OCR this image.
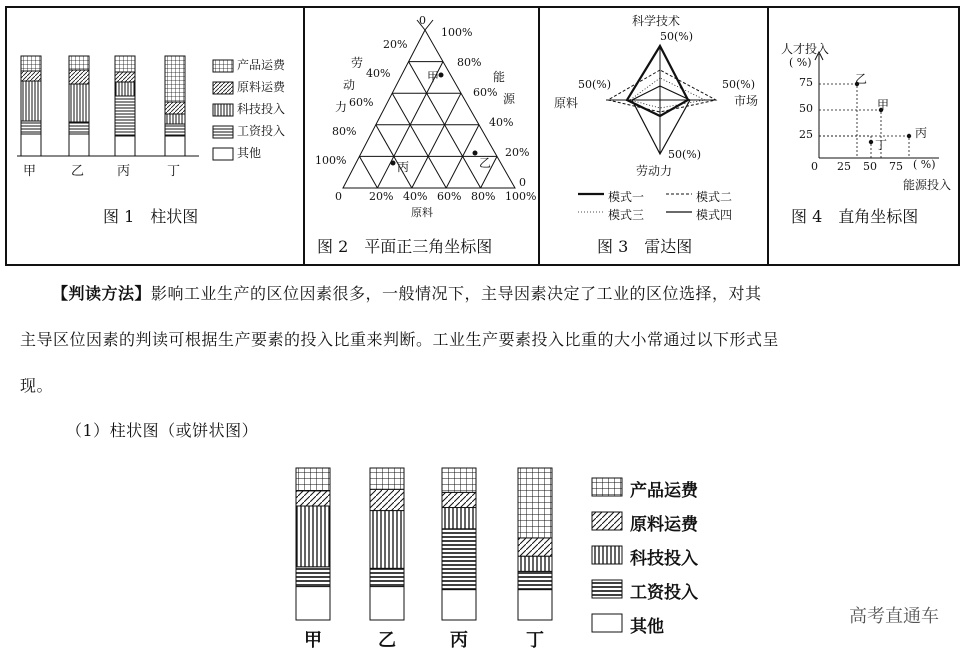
图 1　柱状图
图 2　平面正三角坐标图	图 3　雷达图
图 4　直角坐标图
甲	乙	丙	丁
产品运费
原料运费
科技投入
工资投入
其他
0
100%
80%
60%
40%
20%
100%
80%
60%
40%
20%
0
0 20% 40% 60% 80% 100%
劳
动
力
能
源
原料
甲
乙
丙
科学技术
50(%)
50(%)
原料
50(%)
市场
50(%)
劳动力
模式一	模式二
模式三	模式四
人才投入
( %)
75
50
25
0 25 50 75 ( %)
能源投入
乙
甲
丁
丙
【判读方法】影响工业生产的区位因素很多，一般情况下，主导因素决定了工业的区位选择，对其
主导区位因素的判读可根据生产要素的投入比重来判断。工业生产要素投入比重的大小常通过以下形式呈
现。
（1）柱状图（或饼状图）
高考直通车
甲	乙	丙	丁
产品运费
原料运费
科技投入
工资投入
其他
